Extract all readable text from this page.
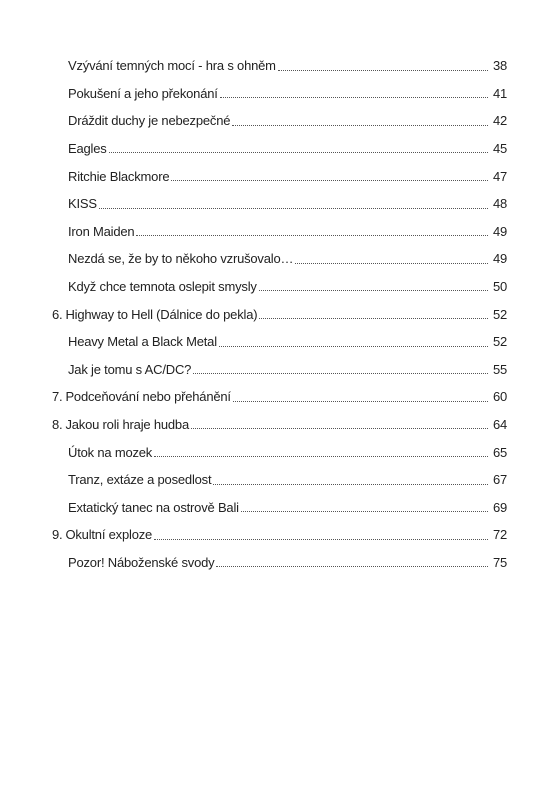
Vzývání temných mocí - hra s ohněm	38
Pokušení a jeho překonání	41
Dráždit duchy je nebezpečné	42
Eagles	45
Ritchie Blackmore	47
KISS	48
Iron Maiden	49
Nezdá se, že by to někoho vzrušovalo…	49
Když chce temnota oslepit smysly	50
6. Highway to Hell (Dálnice do pekla)	52
Heavy Metal a Black Metal	52
Jak je tomu s AC/DC?	55
7. Podceňování nebo přehánění	60
8. Jakou roli hraje hudba	64
Útok na mozek	65
Tranz, extáze a posedlost	67
Extatický tanec na ostrově Bali	69
9. Okultní exploze	72
Pozor! Náboženské svody	75
